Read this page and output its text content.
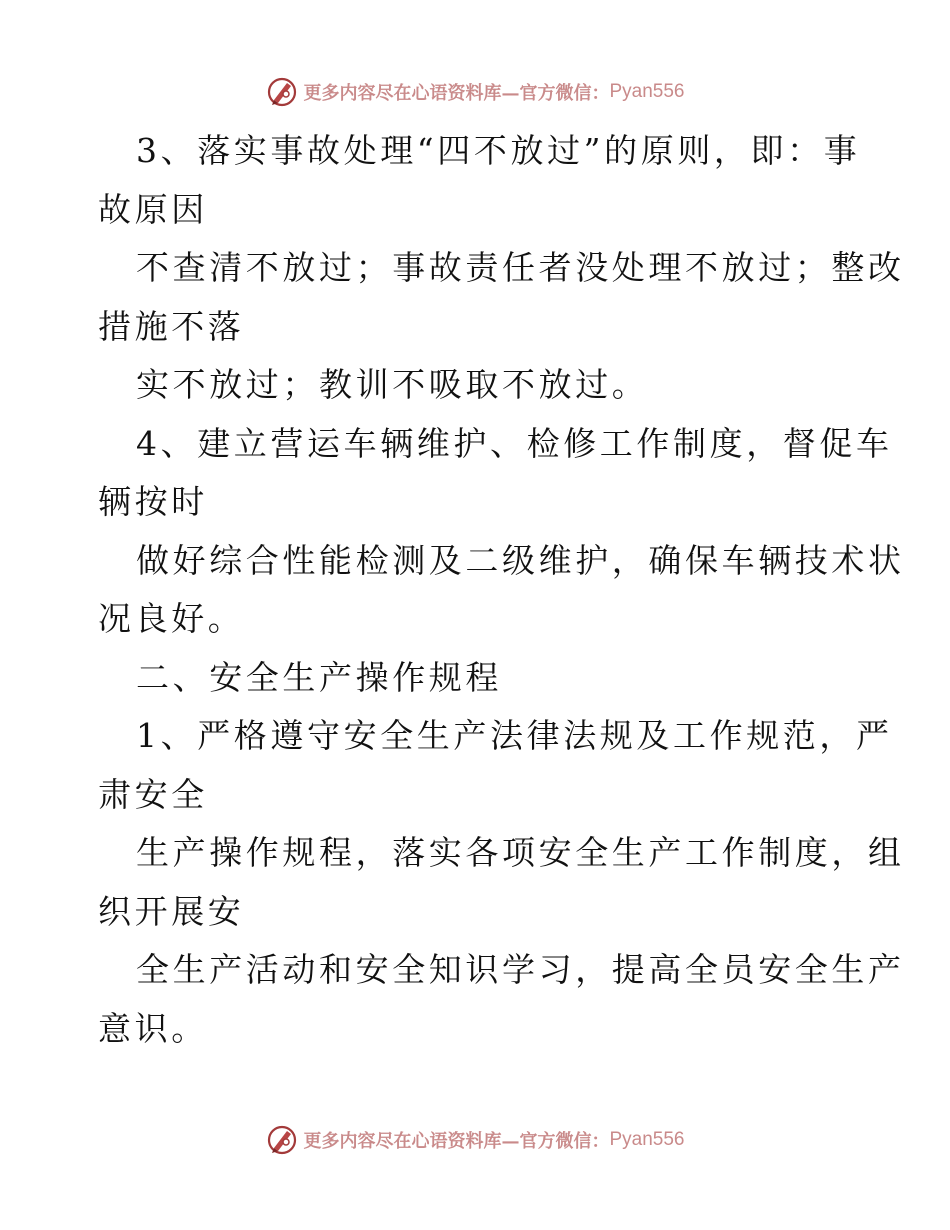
更多内容尽在心语资料库—官方微信： Pyan556
3、落实事故处理“四不放过”的原则，即：事
故原因
不查清不放过；事故责任者没处理不放过；整改
措施不落
实不放过；教训不吸取不放过。
4、建立营运车辆维护、检修工作制度，督促车
辆按时
做好综合性能检测及二级维护，确保车辆技术状
况良好。
二、安全生产操作规程
1、严格遵守安全生产法律法规及工作规范，严
肃安全
生产操作规程，落实各项安全生产工作制度，组
织开展安
全生产活动和安全知识学习，提高全员安全生产
意识。
更多内容尽在心语资料库—官方微信： Pyan556
